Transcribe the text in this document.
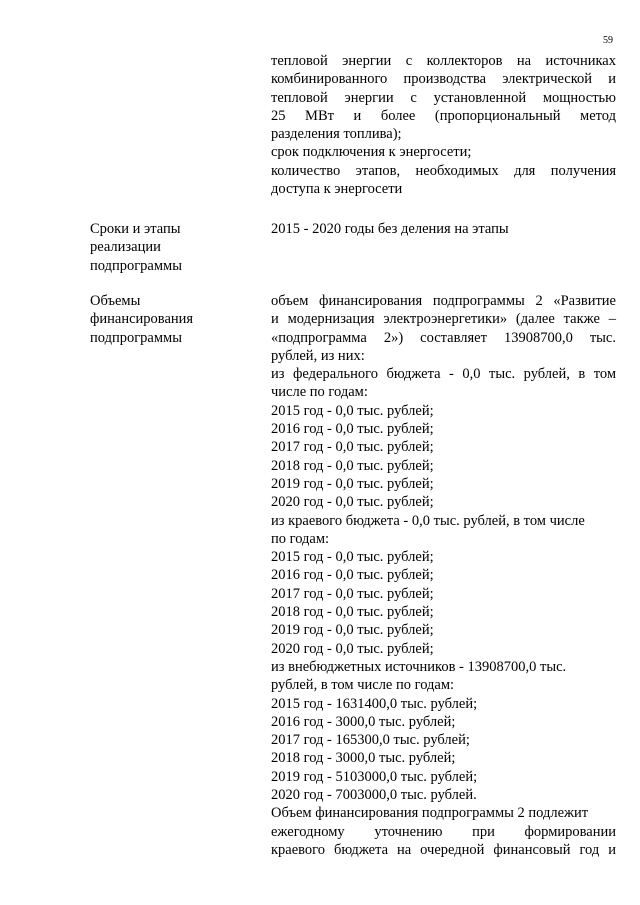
59
тепловой энергии с коллекторов на источниках
комбинированного производства электрической и
тепловой энергии с установленной мощностью
25 МВт и более (пропорциональный метод
разделения топлива);
срок подключения к энергосети;
количество этапов, необходимых для получения
доступа к энергосети
Сроки и этапы
реализации
подпрограммы
2015 - 2020 годы без деления на этапы
Объемы
финансирования
подпрограммы
объем финансирования подпрограммы 2 «Развитие
и модернизация электроэнергетики» (далее также –
«подпрограмма 2») составляет 13908700,0 тыс.
рублей, из них:
из федерального бюджета - 0,0 тыс. рублей, в том
числе по годам:
2015 год - 0,0 тыс. рублей;
2016 год - 0,0 тыс. рублей;
2017 год - 0,0 тыс. рублей;
2018 год - 0,0 тыс. рублей;
2019 год - 0,0 тыс. рублей;
2020 год - 0,0 тыс. рублей;
из краевого бюджета - 0,0 тыс. рублей, в том числе
по годам:
2015 год - 0,0 тыс. рублей;
2016 год - 0,0 тыс. рублей;
2017 год - 0,0 тыс. рублей;
2018 год - 0,0 тыс. рублей;
2019 год - 0,0 тыс. рублей;
2020 год - 0,0 тыс. рублей;
из внебюджетных источников - 13908700,0 тыс.
рублей, в том числе по годам:
2015 год - 1631400,0 тыс. рублей;
2016 год - 3000,0 тыс. рублей;
2017 год - 165300,0 тыс. рублей;
2018 год - 3000,0 тыс. рублей;
2019 год - 5103000,0 тыс. рублей;
2020 год - 7003000,0 тыс. рублей.
Объем финансирования подпрограммы 2 подлежит
ежегодному уточнению при формировании
краевого бюджета на очередной финансовый год и
